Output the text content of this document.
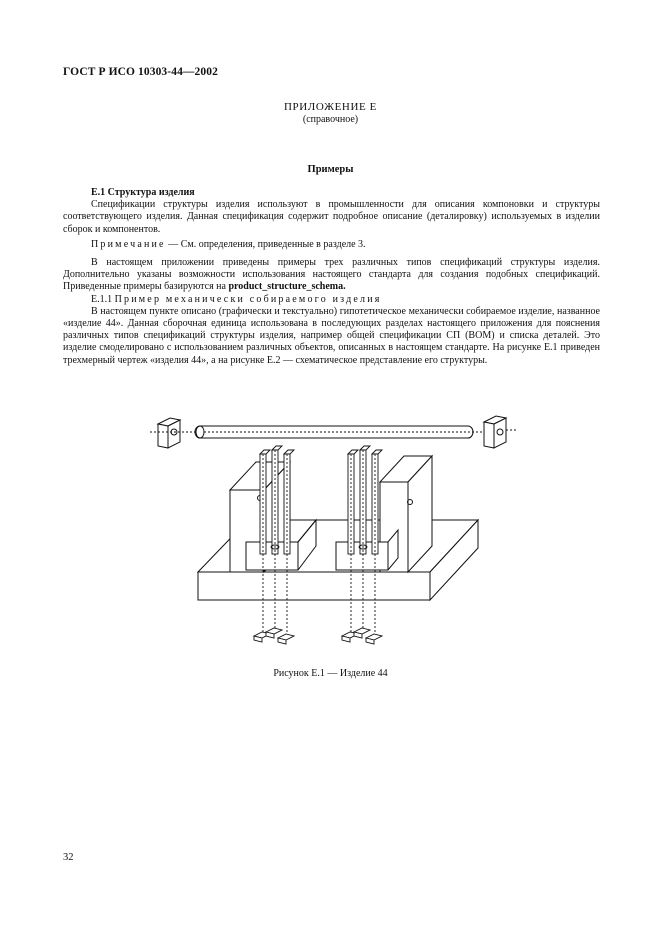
ГОСТ Р ИСО 10303-44—2002
ПРИЛОЖЕНИЕ Е
(справочное)
Примеры

Е.1 Структура изделия

Спецификации структуры изделия используют в промышленности для описания компоновки и структуры соответствующего изделия. Данная спецификация содержит подробное описание (деталировку) используемых в изделии сборок и компонентов.

Примечание — См. определения, приведенные в разделе 3.

В настоящем приложении приведены примеры трех различных типов спецификаций структуры изделия. Дополнительно указаны возможности использования настоящего стандарта для создания подобных спецификаций. Приведенные примеры базируются на product_structure_schema.

Е.1.1 Пример механически собираемого изделия

В настоящем пункте описано (графически и текстуально) гипотетическое механически собираемое изделие, названное «изделие 44». Данная сборочная единица использована в последующих разделах настоящего приложения для пояснения различных типов спецификаций структуры изделия, например общей спецификации СП (ВОМ) и списка деталей. Это изделие смоделировано с использованием различных объектов, описанных в настоящем стандарте. На рисунке Е.1 приведен трехмерный чертеж «изделия 44», а на рисунке Е.2 — схематическое представление его структуры.

Рисунок Е.1 — Изделие 44
32
